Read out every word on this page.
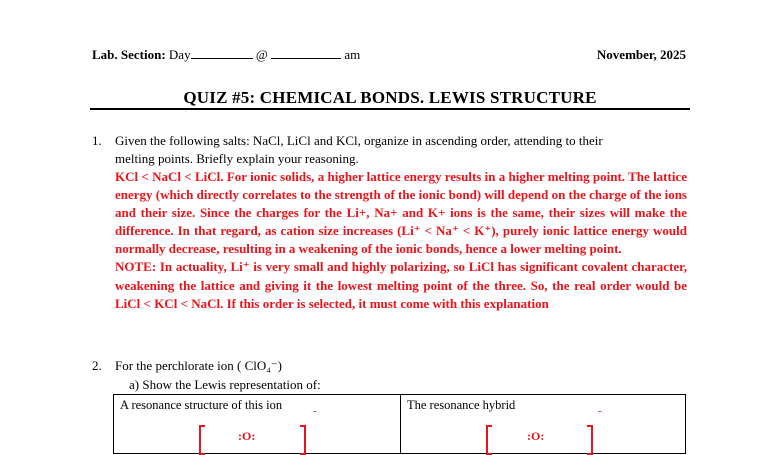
Lab. Section: Day	@	am	November, 2025
QUIZ #5: CHEMICAL BONDS. LEWIS STRUCTURE
1. Given the following salts: NaCl, LiCl and KCl, organize in ascending order, attending to their
melting points. Briefly explain your reasoning.

KCl < NaCl < LiCl. For ionic solids, a higher lattice energy results in a higher melting point. The lattice energy (which directly correlates to the strength of the ionic bond) will depend on the charge of the ions and their size. Since the charges for the Li+, Na+ and K+ ions is the same, their sizes will make the difference. In that regard, as cation size increases (Li⁺ < Na⁺ < K⁺), purely ionic lattice energy would normally decrease, resulting in a weakening of the ionic bonds, hence a lower melting point.

NOTE: In actuality, Li⁺ is very small and highly polarizing, so LiCl has significant covalent character, weakening the lattice and giving it the lowest melting point of the three. So, the real order would be LiCl < KCl < NaCl. If this order is selected, it must come with this explanation

2. For the perchlorate ion ( ClO₄⁻)
a) Show the Lewis representation of:
A resonance structure of this ion	The resonance hybrid
-	-
:O:	:O:
